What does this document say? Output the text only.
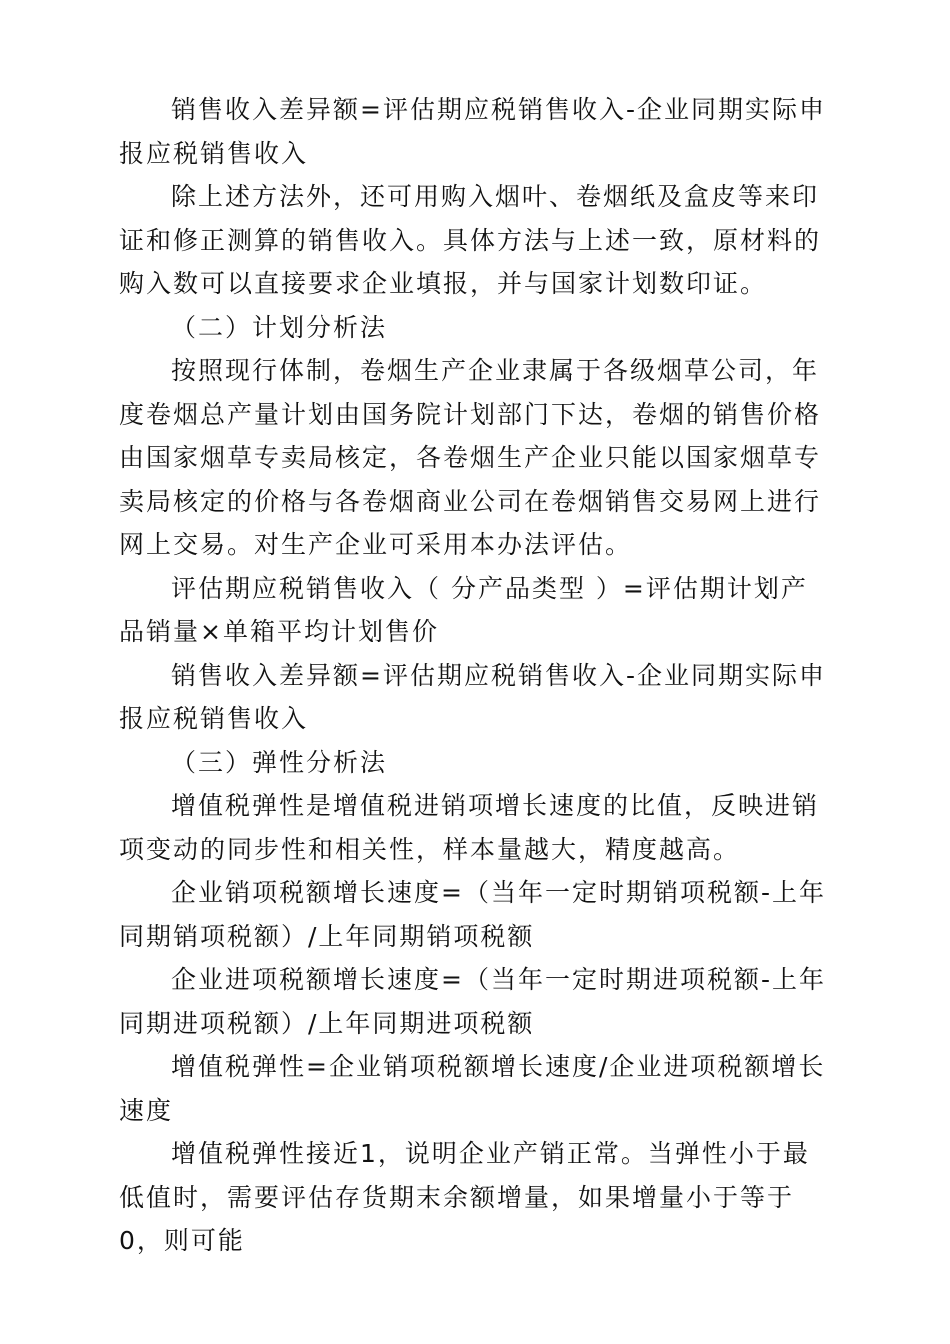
销售收入差异额=评估期应税销售收入-企业同期实际申报应税销售收入

除上述方法外，还可用购入烟叶、卷烟纸及盒皮等来印证和修正测算的销售收入。具体方法与上述一致，原材料的购入数可以直接要求企业填报，并与国家计划数印证。

（二）计划分析法

按照现行体制，卷烟生产企业隶属于各级烟草公司，年度卷烟总产量计划由国务院计划部门下达，卷烟的销售价格由国家烟草专卖局核定，各卷烟生产企业只能以国家烟草专卖局核定的价格与各卷烟商业公司在卷烟销售交易网上进行网上交易。对生产企业可采用本办法评估。

评估期应税销售收入（ 分产品类型 ）=评估期计划产品销量×单箱平均计划售价

销售收入差异额=评估期应税销售收入-企业同期实际申报应税销售收入

（三）弹性分析法

增值税弹性是增值税进销项增长速度的比值，反映进销项变动的同步性和相关性，样本量越大，精度越高。

企业销项税额增长速度=（当年一定时期销项税额-上年同期销项税额）/上年同期销项税额

企业进项税额增长速度=（当年一定时期进项税额-上年同期进项税额）/上年同期进项税额

增值税弹性=企业销项税额增长速度/企业进项税额增长速度

增值税弹性接近1，说明企业产销正常。当弹性小于最低值时，需要评估存货期末余额增量，如果增量小于等于0，则可能
